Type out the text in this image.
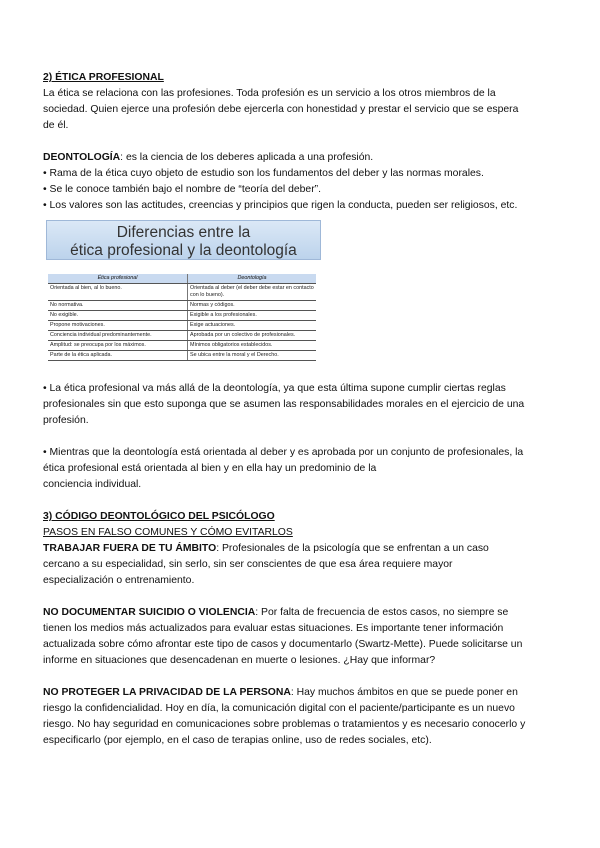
2) ÉTICA PROFESIONAL

La ética se relaciona con las profesiones. Toda profesión es un servicio a los otros miembros de la

sociedad. Quien ejerce una profesión debe ejercerla con honestidad y prestar el servicio que se espera

de él.

DEONTOLOGÍA: es la ciencia de los deberes aplicada a una profesión.

• Rama de la ética cuyo objeto de estudio son los fundamentos del deber y las normas morales.

• Se le conoce también bajo el nombre de “teoría del deber”.

• Los valores son las actitudes, creencias y principios que rigen la conducta, pueden ser religiosos, etc.

Diferencias entre la
ética profesional y la deontología
Ética profesional	Deontología
Orientada al bien, al lo bueno.	Orientada al deber (el deber debe estar en contacto con lo bueno).
No normativa.	Normas y códigos.
No exigible.	Exigible a los profesionales.
Propone motivaciones.	Exige actuaciones.
Conciencia individual predominantemente.	Aprobada por un colectivo de profesionales.
Amplitud: se preocupa por los máximos.	Mínimos obligatorios establecidos.
Parte de la ética aplicada.	Se ubica entre la moral y el Derecho.

• La ética profesional va más allá de la deontología, ya que esta última supone cumplir ciertas reglas

profesionales sin que esto suponga que se asumen las responsabilidades morales en el ejercicio de una

profesión.

• Mientras que la deontología está orientada al deber y es aprobada por un conjunto de profesionales, la

ética profesional está orientada al bien y en ella hay un predominio de la

conciencia individual.

3) CÓDIGO DEONTOLÓGICO DEL PSICÓLOGO

PASOS EN FALSO COMUNES Y CÓMO EVITARLOS

TRABAJAR FUERA DE TU ÁMBITO: Profesionales de la psicología que se enfrentan a un caso

cercano a su especialidad, sin serlo, sin ser conscientes de que esa área requiere mayor

especialización o entrenamiento.

NO DOCUMENTAR SUICIDIO O VIOLENCIA: Por falta de frecuencia de estos casos, no siempre se

tienen los medios más actualizados para evaluar estas situaciones. Es importante tener información

actualizada sobre cómo afrontar este tipo de casos y documentarlo (Swartz-Mette). Puede solicitarse un

informe en situaciones que desencadenan en muerte o lesiones. ¿Hay que informar?

NO PROTEGER LA PRIVACIDAD DE LA PERSONA: Hay muchos ámbitos en que se puede poner en

riesgo la confidencialidad. Hoy en día, la comunicación digital con el paciente/participante es un nuevo

riesgo. No hay seguridad en comunicaciones sobre problemas o tratamientos y es necesario conocerlo y

especificarlo (por ejemplo, en el caso de terapias online, uso de redes sociales, etc).
